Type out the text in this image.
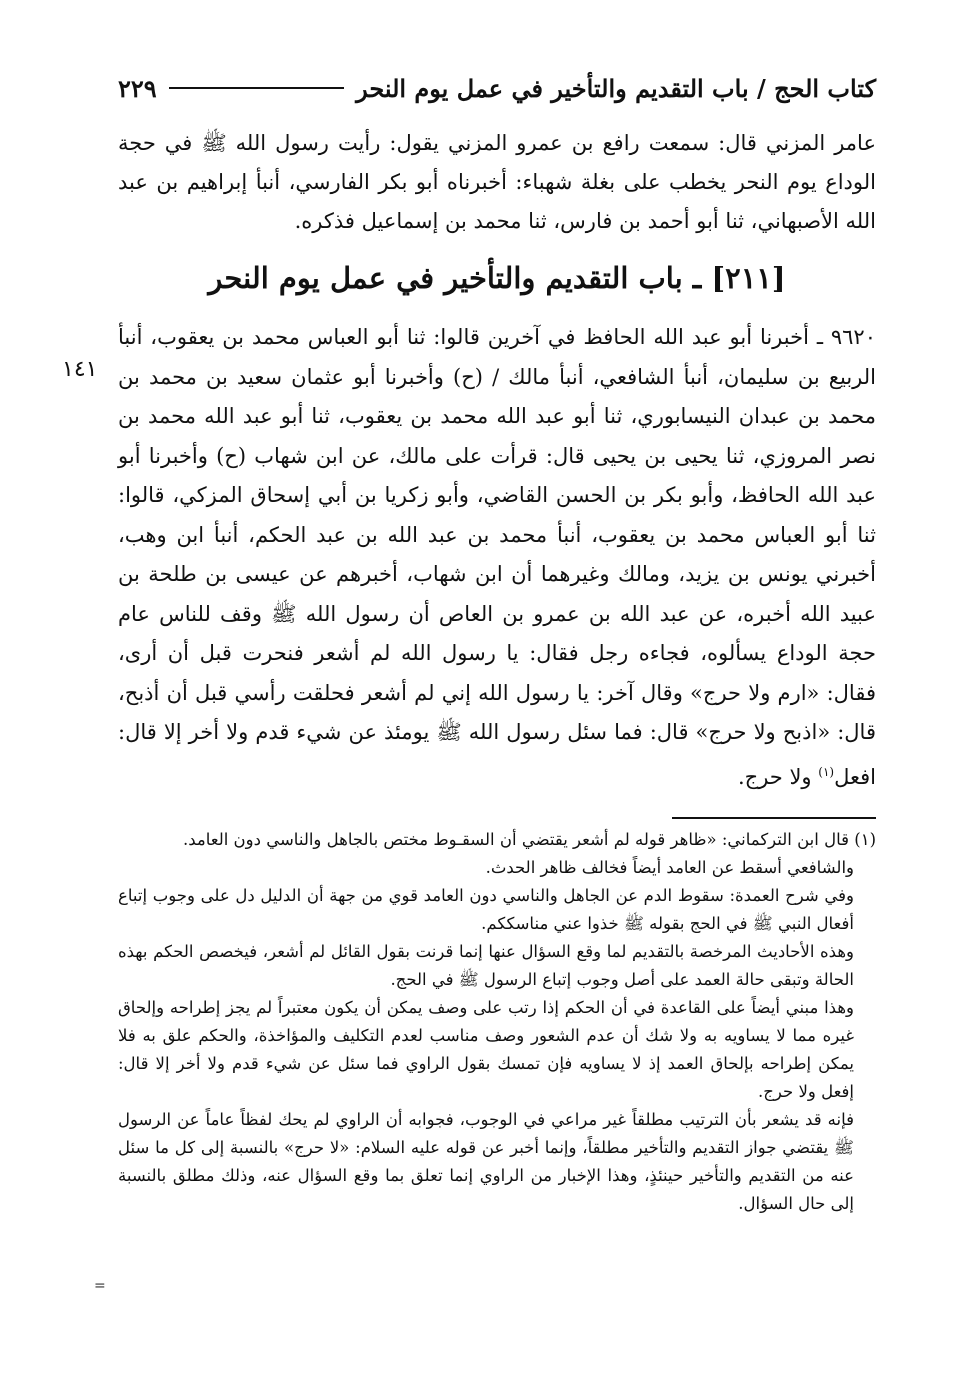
كتاب الحج / باب التقديم والتأخير في عمل يوم النحر
٢٢٩

عامر المزني قال: سمعت رافع بن عمرو المزني يقول: رأيت رسول الله ﷺ في حجة الوداع يوم النحر يخطب على بغلة شهباء: أخبرناه أبو بكر الفارسي، أنبأ إبراهيم بن عبد الله الأصبهاني، ثنا أبو أحمد بن فارس، ثنا محمد بن إسماعيل فذكره.

[٢١١] ـ باب التقديم والتأخير في عمل يوم النحر
١٤١

٩٦٢٠ ـ أخبرنا أبو عبد الله الحافظ في آخرين قالوا: ثنا أبو العباس محمد بن يعقوب، أنبأ الربيع بن سليمان، أنبأ الشافعي، أنبأ مالك / (ح) وأخبرنا أبو عثمان سعيد بن محمد بن محمد بن عبدان النيسابوري، ثنا أبو عبد الله محمد بن يعقوب، ثنا أبو عبد الله محمد بن نصر المروزي، ثنا يحيى بن يحيى قال: قرأت على مالك، عن ابن شهاب (ح) وأخبرنا أبو عبد الله الحافظ، وأبو بكر بن الحسن القاضي، وأبو زكريا بن أبي إسحاق المزكي، قالوا: ثنا أبو العباس محمد بن يعقوب، أنبأ محمد بن عبد الله بن عبد الحكم، أنبأ ابن وهب، أخبرني يونس بن يزيد، ومالك وغيرهما أن ابن شهاب، أخبرهم عن عيسى بن طلحة بن عبيد الله أخبره، عن عبد الله بن عمرو بن العاص أن رسول الله ﷺ وقف للناس عام حجة الوداع يسألوه، فجاءه رجل فقال: يا رسول الله لم أشعر فنحرت قبل أن أرى، فقال: «ارم ولا حرج» وقال آخر: يا رسول الله إني لم أشعر فحلقت رأسي قبل أن أذبح، قال: «اذبح ولا حرج» قال: فما سئل رسول الله ﷺ يومئذ عن شيء قدم ولا أخر إلا قال: افعل$^{(١)}$ ولا حرج.

(١) قال ابن التركماني: «ظاهر قوله لم أشعر يقتضي أن السقـوط مختص بالجاهل والناسي دون العامد.

والشافعي أسقط عن العامد أيضاً فخالف ظاهر الحدث.

وفي شرح العمدة: سقوط الدم عن الجاهل والناسي دون العامد قوي من جهة أن الدليل دل على وجوب إتباع أفعال النبي ﷺ في الحج بقوله ﷺ خذوا عني مناسككم.

وهذه الأحاديث المرخصة بالتقديم لما وقع السؤال عنها إنما قرنت بقول القائل لم أشعر، فيخصص الحكم بهذه الحالة وتبقى حالة العمد على أصل وجوب إتباع الرسول ﷺ في الحج.

وهذا مبني أيضاً على القاعدة في أن الحكم إذا رتب على وصف يمكن أن يكون معتبراً لم يجز إطراحه وإلحاق غيره مما لا يساويه به ولا شك أن عدم الشعور وصف مناسب لعدم التكليف والمؤاخذة، والحكم علق به فلا يمكن إطراحه بإلحاق العمد إذ لا يساويه فإن تمسك بقول الراوي فما سئل عن شيء قدم ولا أخر إلا قال: إفعل ولا حرج.

فإنه قد يشعر بأن الترتيب مطلقاً غير مراعي في الوجوب، فجوابه أن الراوي لم يحك لفظاً عاماً عن الرسول ﷺ يقتضي جواز التقديم والتأخير مطلقاً، وإنما أخبر عن قوله عليه السلام: «لا حرج» بالنسبة إلى كل ما سئل عنه من التقديم والتأخير حينئذٍ، وهذا الإخبار من الراوي إنما تعلق بما وقع السؤال عنه، وذلك مطلق بالنسبة إلى حال السؤال.

=
